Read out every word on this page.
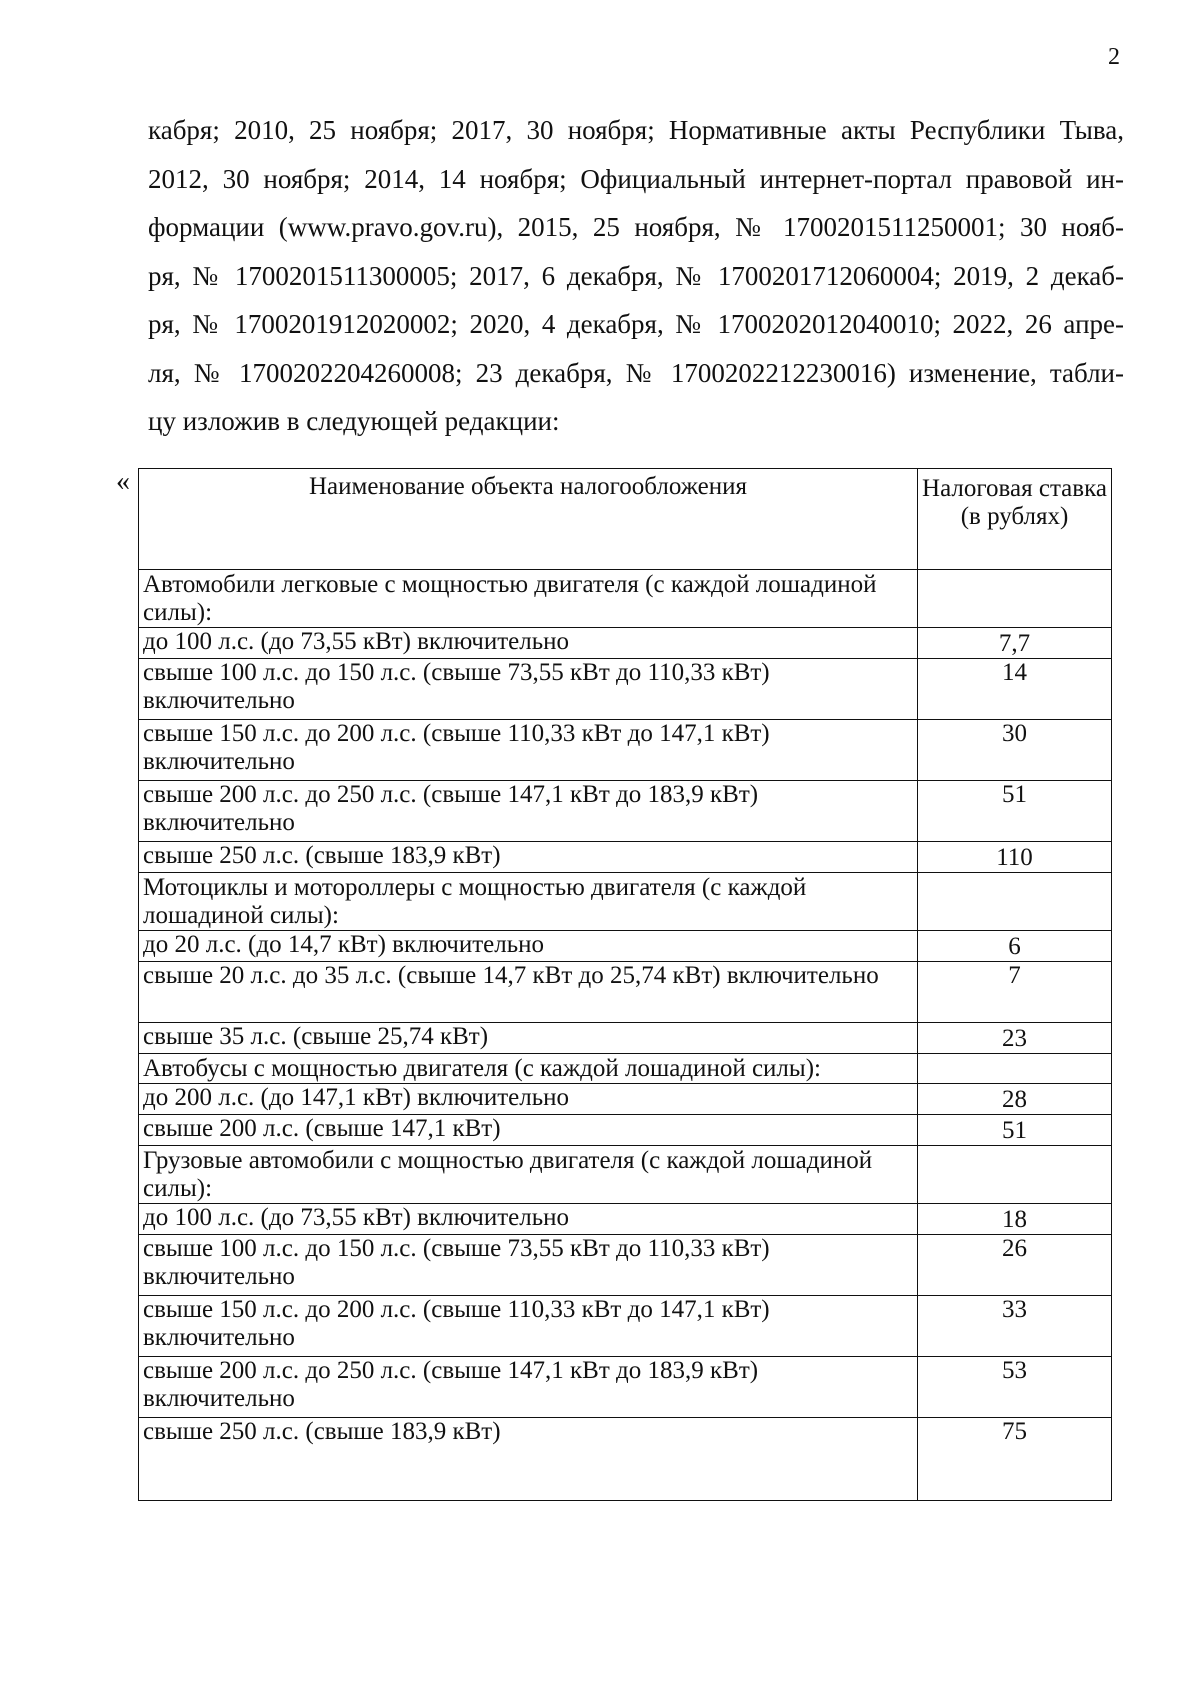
2
кабря; 2010, 25 ноября; 2017, 30 ноября; Нормативные акты Республики Тыва,
2012, 30 ноября; 2014, 14 ноября; Официальный интернет-портал правовой ин-
формации (www.pravo.gov.ru), 2015, 25 ноября, № 1700201511250001; 30 нояб-
ря, № 1700201511300005; 2017, 6 декабря, № 1700201712060004; 2019, 2 декаб-
ря, № 1700201912020002; 2020, 4 декабря, № 1700202012040010; 2022, 26 апре-
ля, № 1700202204260008; 23 декабря, № 1700202212230016) изменение, табли-
цу изложив в следующей редакции:
«	Наименование объекта налогообложения	Налоговая ставка (в рублях)
Автомобили легковые с мощностью двигателя (с каждой лошадиной силы):	
до 100 л.с. (до 73,55 кВт) включительно	7,7
свыше 100 л.с. до 150 л.с. (свыше 73,55 кВт до 110,33 кВт) включительно	14
свыше 150 л.с. до 200 л.с. (свыше 110,33 кВт до 147,1 кВт) включительно	30
свыше 200 л.с. до 250 л.с. (свыше 147,1 кВт до 183,9 кВт) включительно	51
свыше 250 л.с. (свыше 183,9 кВт)	110
Мотоциклы и мотороллеры с мощностью двигателя (с каждой лошадиной силы):	
до 20 л.с. (до 14,7 кВт) включительно	6
свыше 20 л.с. до 35 л.с. (свыше 14,7 кВт до 25,74 кВт) включительно	7
свыше 35 л.с. (свыше 25,74 кВт)	23
Автобусы с мощностью двигателя (с каждой лошадиной силы):	
до 200 л.с. (до 147,1 кВт) включительно	28
свыше 200 л.с. (свыше 147,1 кВт)	51
Грузовые автомобили с мощностью двигателя (с каждой лошадиной силы):	
до 100 л.с. (до 73,55 кВт) включительно	18
свыше 100 л.с. до 150 л.с. (свыше 73,55 кВт до 110,33 кВт) включительно	26
свыше 150 л.с. до 200 л.с. (свыше 110,33 кВт до 147,1 кВт) включительно	33
свыше 200 л.с. до 250 л.с. (свыше 147,1 кВт до 183,9 кВт) включительно	53
свыше 250 л.с. (свыше 183,9 кВт)	75
